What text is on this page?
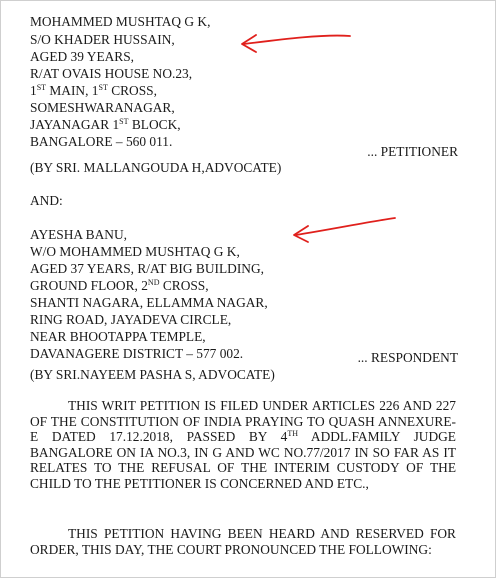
MOHAMMED MUSHTAQ G K,
S/O KHADER HUSSAIN,
AGED 39 YEARS,
R/AT OVAIS HOUSE NO.23,
1ST MAIN, 1ST CROSS,
SOMESHWARANAGAR,
JAYANAGAR 1ST BLOCK,
BANGALORE – 560 011.
... PETITIONER
(BY SRI. MALLANGOUDA H,ADVOCATE)
AND:
AYESHA BANU,
W/O MOHAMMED MUSHTAQ G K,
AGED 37 YEARS, R/AT BIG BUILDING,
GROUND FLOOR, 2ND CROSS,
SHANTI NAGARA, ELLAMMA NAGAR,
RING ROAD, JAYADEVA CIRCLE,
NEAR BHOOTAPPA TEMPLE,
DAVANAGERE DISTRICT – 577 002.	... RESPONDENT
(BY SRI.NAYEEM PASHA S, ADVOCATE)
THIS WRIT PETITION IS FILED UNDER ARTICLES 226 AND 227 OF THE CONSTITUTION OF INDIA PRAYING TO QUASH ANNEXURE-E DATED 17.12.2018, PASSED BY 4TH ADDL.FAMILY JUDGE BANGALORE ON IA NO.3, IN G AND WC NO.77/2017 IN SO FAR AS IT RELATES TO THE REFUSAL OF THE INTERIM CUSTODY OF THE CHILD TO THE PETITIONER IS CONCERNED AND ETC.,
THIS PETITION HAVING BEEN HEARD AND RESERVED FOR ORDER, THIS DAY, THE COURT PRONOUNCED THE FOLLOWING:
